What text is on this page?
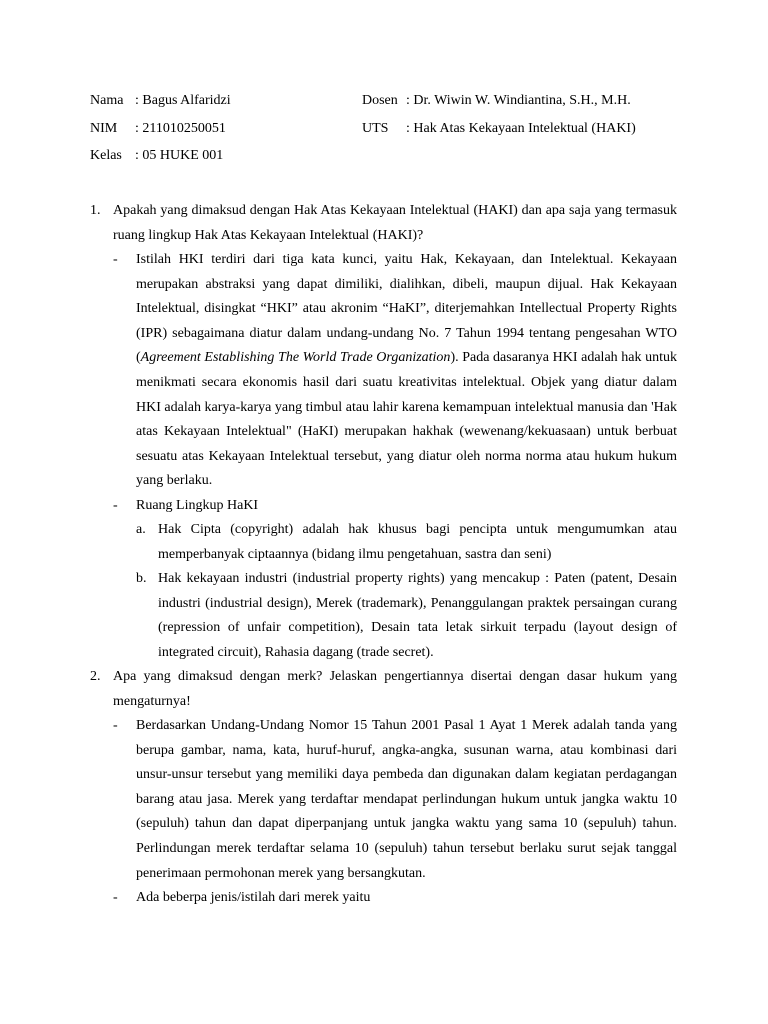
Nama : Bagus Alfaridzi
NIM : 211010250051
Kelas : 05 HUKE 001
Dosen : Dr. Wiwin W. Windiantina, S.H., M.H.
UTS : Hak Atas Kekayaan Intelektual (HAKI)
1. Apakah yang dimaksud dengan Hak Atas Kekayaan Intelektual (HAKI) dan apa saja yang termasuk ruang lingkup Hak Atas Kekayaan Intelektual (HAKI)?
- Istilah HKI terdiri dari tiga kata kunci, yaitu Hak, Kekayaan, dan Intelektual. Kekayaan merupakan abstraksi yang dapat dimiliki, dialihkan, dibeli, maupun dijual. Hak Kekayaan Intelektual, disingkat “HKI” atau akronim “HaKI”, diterjemahkan Intellectual Property Rights (IPR) sebagaimana diatur dalam undang-undang No. 7 Tahun 1994 tentang pengesahan WTO (Agreement Establishing The World Trade Organization). Pada dasaranya HKI adalah hak untuk menikmati secara ekonomis hasil dari suatu kreativitas intelektual. Objek yang diatur dalam HKI adalah karya-karya yang timbul atau lahir karena kemampuan intelektual manusia dan 'Hak atas Kekayaan Intelektual" (HaKI) merupakan hakhak (wewenang/kekuasaan) untuk berbuat sesuatu atas Kekayaan Intelektual tersebut, yang diatur oleh norma norma atau hukum hukum yang berlaku.
- Ruang Lingkup HaKI
a. Hak Cipta (copyright) adalah hak khusus bagi pencipta untuk mengumumkan atau memperbanyak ciptaannya (bidang ilmu pengetahuan, sastra dan seni)
b. Hak kekayaan industri (industrial property rights) yang mencakup : Paten (patent, Desain industri (industrial design), Merek (trademark), Penanggulangan praktek persaingan curang (repression of unfair competition), Desain tata letak sirkuit terpadu (layout design of integrated circuit), Rahasia dagang (trade secret).
2. Apa yang dimaksud dengan merk? Jelaskan pengertiannya disertai dengan dasar hukum yang mengaturnya!
- Berdasarkan Undang-Undang Nomor 15 Tahun 2001 Pasal 1 Ayat 1 Merek adalah tanda yang berupa gambar, nama, kata, huruf-huruf, angka-angka, susunan warna, atau kombinasi dari unsur-unsur tersebut yang memiliki daya pembeda dan digunakan dalam kegiatan perdagangan barang atau jasa. Merek yang terdaftar mendapat perlindungan hukum untuk jangka waktu 10 (sepuluh) tahun dan dapat diperpanjang untuk jangka waktu yang sama 10 (sepuluh) tahun. Perlindungan merek terdaftar selama 10 (sepuluh) tahun tersebut berlaku surut sejak tanggal penerimaan permohonan merek yang bersangkutan.
- Ada beberpa jenis/istilah dari merek yaitu
